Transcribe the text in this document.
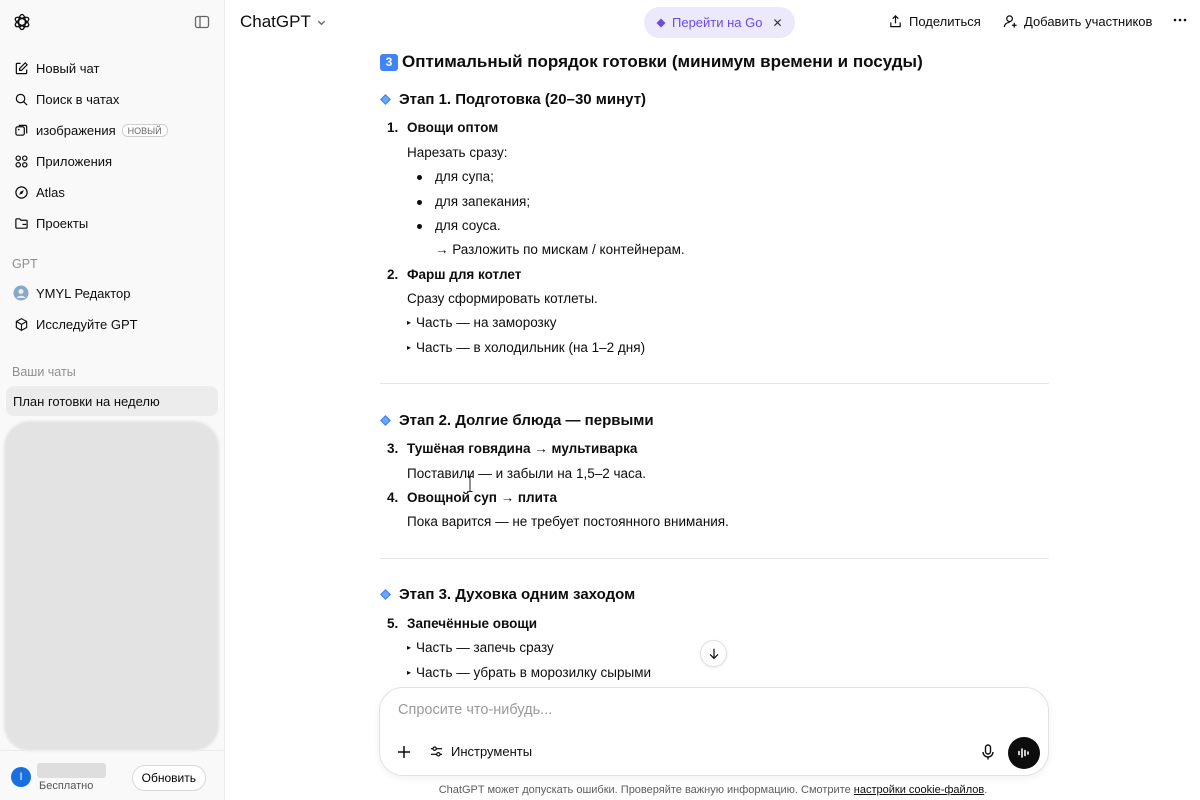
Новый чат
Поиск в чатах
изображения	НОВЫЙ
Приложения
Atlas
Проекты
GPT
YMYL Редактор
Исследуйте GPT
Ваши чаты
План готовки на неделю
I
Бесплатно
Обновить
ChatGPT	Перейти на Go ✕	Поделиться	Добавить участников
3 Оптимальный порядок готовки (минимум времени и посуды)
Этап 1. Подготовка (20–30 минут)
1. Овощи оптом
Нарезать сразу:
для супа;
для запекания;
для соуса.
→ Разложить по мискам / контейнерам.
2. Фарш для котлет
Сразу сформировать котлеты.
▸ Часть — на заморозку
▸ Часть — в холодильник (на 1–2 дня)
Этап 2. Долгие блюда — первыми
3. Тушёная говядина → мультиварка
Поставили — и забыли на 1,5–2 часа.
4. Овощной суп → плита
Пока варится — не требует постоянного внимания.
Этап 3. Духовка одним заходом
5. Запечённые овощи
▸ Часть — запечь сразу
▸ Часть — убрать в морозилку сырыми
Спросите что-нибудь...
Инструменты
ChatGPT может допускать ошибки. Проверяйте важную информацию. Смотрите настройки cookie-файлов.
